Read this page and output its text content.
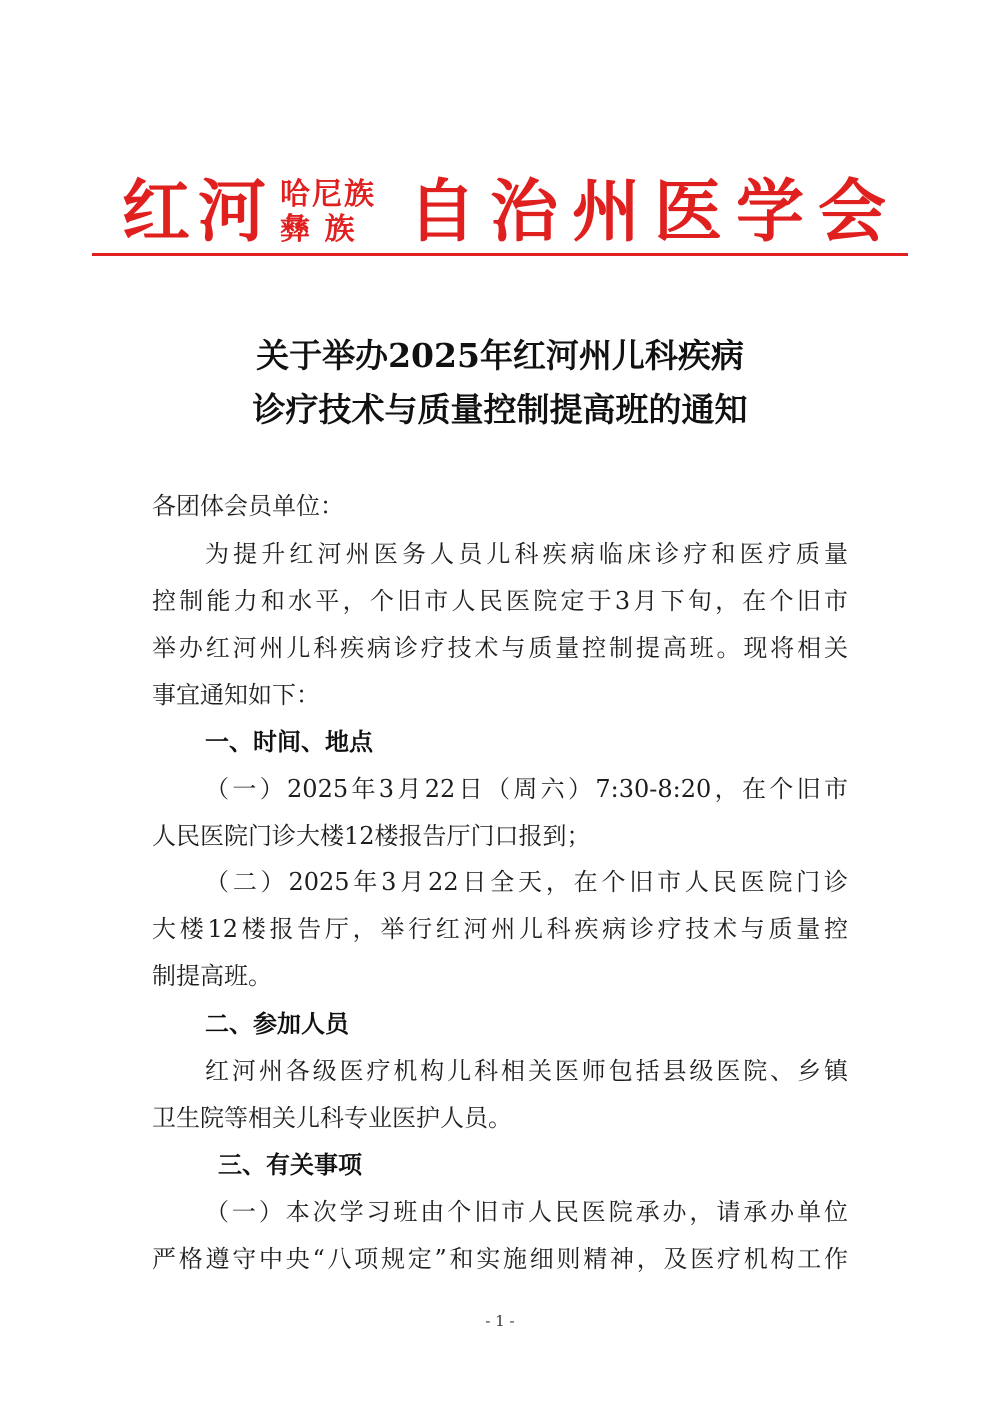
红 河 哈尼族
彝 族 自 治 州 医 学 会
关于举办2025年红河州儿科疾病
诊疗技术与质量控制提高班的通知
各团体会员单位：
为提升红河州医务人员儿科疾病临床诊疗和医疗质量
控制能力和水平，个旧市人民医院定于3月下旬，在个旧市
举办红河州儿科疾病诊疗技术与质量控制提高班。现将相关
事宜通知如下：
一、时间、地点
（一）2025年3月22日（周六）7:30-8:20，在个旧市
人民医院门诊大楼12楼报告厅门口报到；
（二）2025年3月22日全天，在个旧市人民医院门诊
大楼12楼报告厅，举行红河州儿科疾病诊疗技术与质量控
制提高班。
二、参加人员
红河州各级医疗机构儿科相关医师包括县级医院、乡镇
卫生院等相关儿科专业医护人员。
三、有关事项
（一）本次学习班由个旧市人民医院承办，请承办单位
严格遵守中央“八项规定”和实施细则精神，及医疗机构工作
- 1 -
